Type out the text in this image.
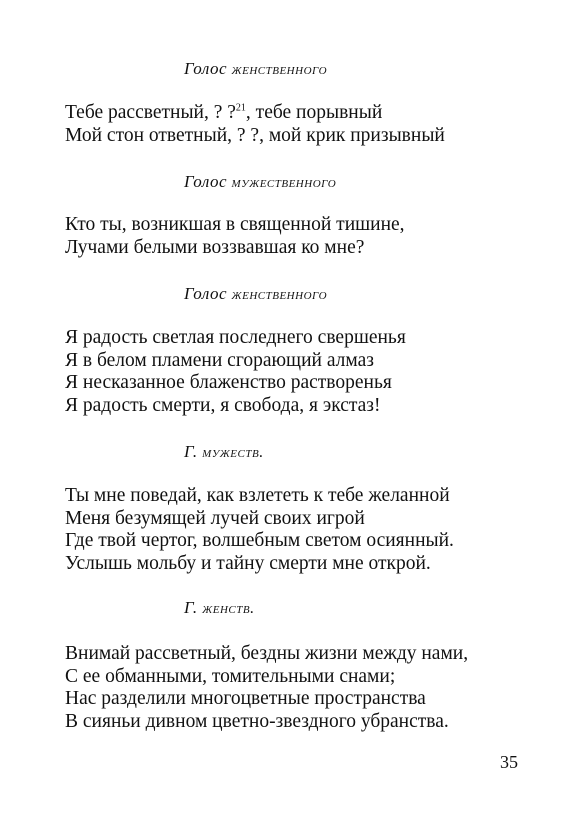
Голос женственного
Тебе рассветный, ? ?$^{21}$, тебе порывный
Мой стон ответный, ? ?, мой крик призывный
Голос мужественного
Кто ты, возникшая в священной тишине,
Лучами белыми воззвавшая ко мне?
Голос женственного
Я радость светлая последнего свершенья
Я в белом пламени сгорающий алмаз
Я несказанное блаженство растворенья
Я радость смерти, я свобода, я экстаз!
Г. мужеств.
Ты мне поведай, как взлететь к тебе желанной
Меня безумящей лучей своих игрой
Где твой чертог, волшебным светом осиянный.
Услышь мольбу и тайну смерти мне открой.
Г. женств.
Внимай рассветный, бездны жизни между нами,
С ее обманными, томительными снами;
Нас разделили многоцветные пространства
В сияньи дивном цветно-звездного убранства.
35
